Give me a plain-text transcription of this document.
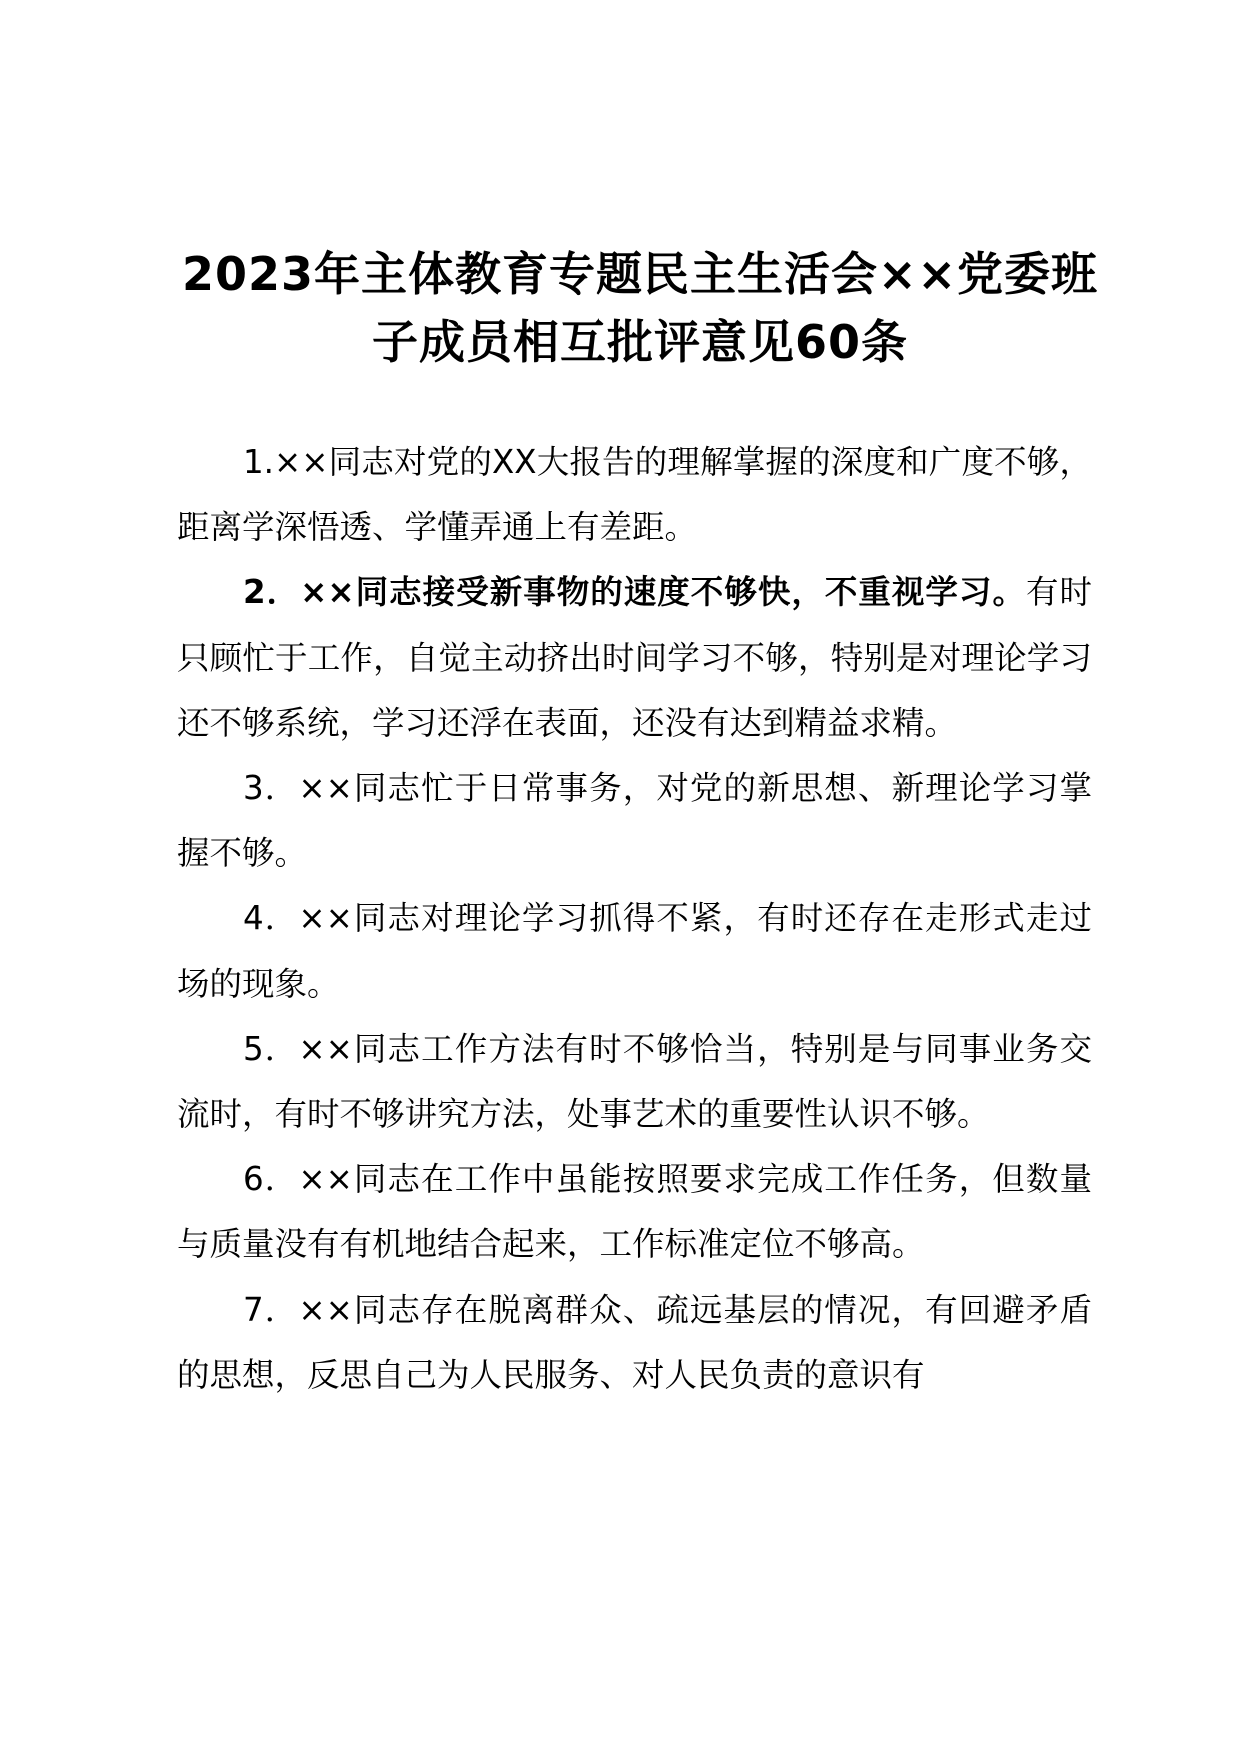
2023年主体教育专题民主生活会××党委班
子成员相互批评意见60条

1.××同志对党的XX大报告的理解掌握的深度和广度不够，距离学深悟透、学懂弄通上有差距。

2．××同志接受新事物的速度不够快，不重视学习。有时只顾忙于工作，自觉主动挤出时间学习不够，特别是对理论学习还不够系统，学习还浮在表面，还没有达到精益求精。

3．××同志忙于日常事务，对党的新思想、新理论学习掌握不够。

4．××同志对理论学习抓得不紧，有时还存在走形式走过场的现象。

5．××同志工作方法有时不够恰当，特别是与同事业务交流时，有时不够讲究方法，处事艺术的重要性认识不够。

6．××同志在工作中虽能按照要求完成工作任务，但数量与质量没有有机地结合起来，工作标准定位不够高。

7．××同志存在脱离群众、疏远基层的情况，有回避矛盾的思想，反思自己为人民服务、对人民负责的意识有
